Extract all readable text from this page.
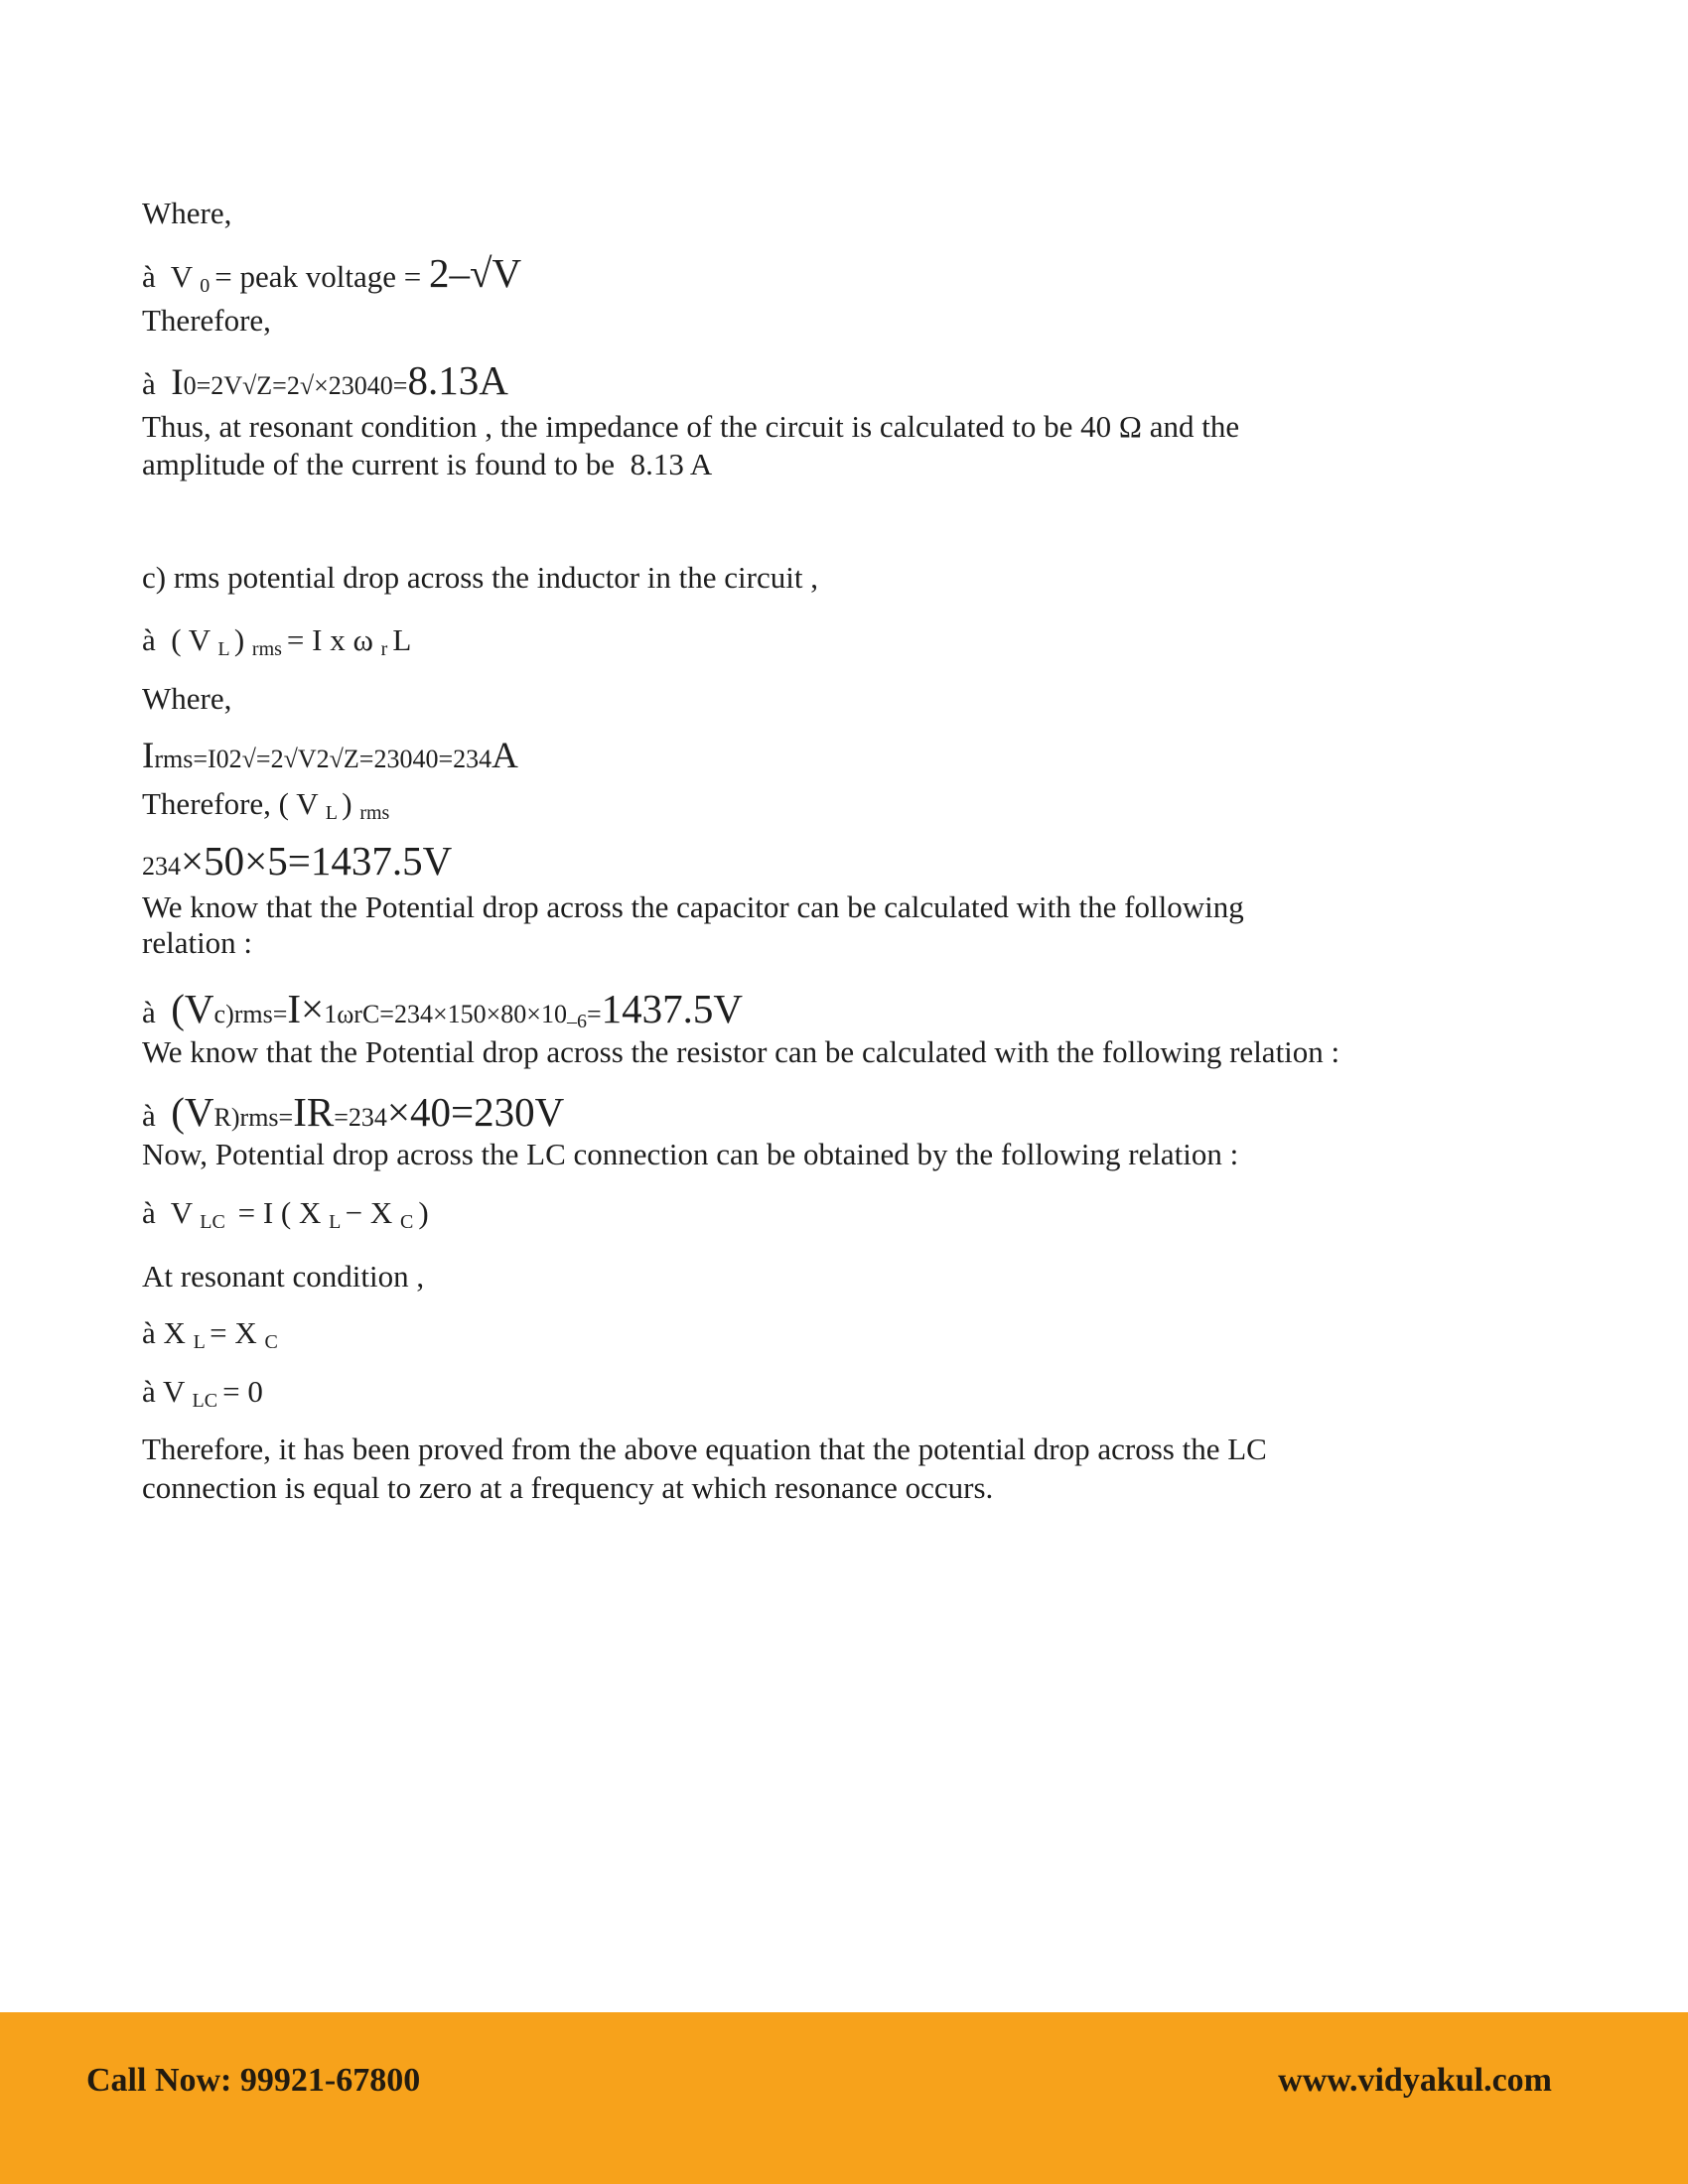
Where,
à  V 0 = peak voltage = 2–√V
Therefore,
à  I0=2V√Z=2√×23040=8.13A
Thus, at resonant condition , the impedance of the circuit is calculated to be 40 Ω and the
amplitude of the current is found to be  8.13 A
c) rms potential drop across the inductor in the circuit ,
à  ( V L ) rms = I x ω r L
Where,
Irms=I02√=2√V2√Z=23040=234A
Therefore, ( V L ) rms
234×50×5=1437.5V
We know that the Potential drop across the capacitor can be calculated with the following
relation :
à  (Vc)rms=I×1ωrC=234×150×80×10–6=1437.5V
We know that the Potential drop across the resistor can be calculated with the following relation :
à  (VR)rms=IR=234×40=230V
Now, Potential drop across the LC connection can be obtained by the following relation :
à  V LC  = I ( X L − X C )
At resonant condition ,
à X L = X C
à V LC = 0
Therefore, it has been proved from the above equation that the potential drop across the LC
connection is equal to zero at a frequency at which resonance occurs.
Call Now: 99921-67800	www.vidyakul.com
